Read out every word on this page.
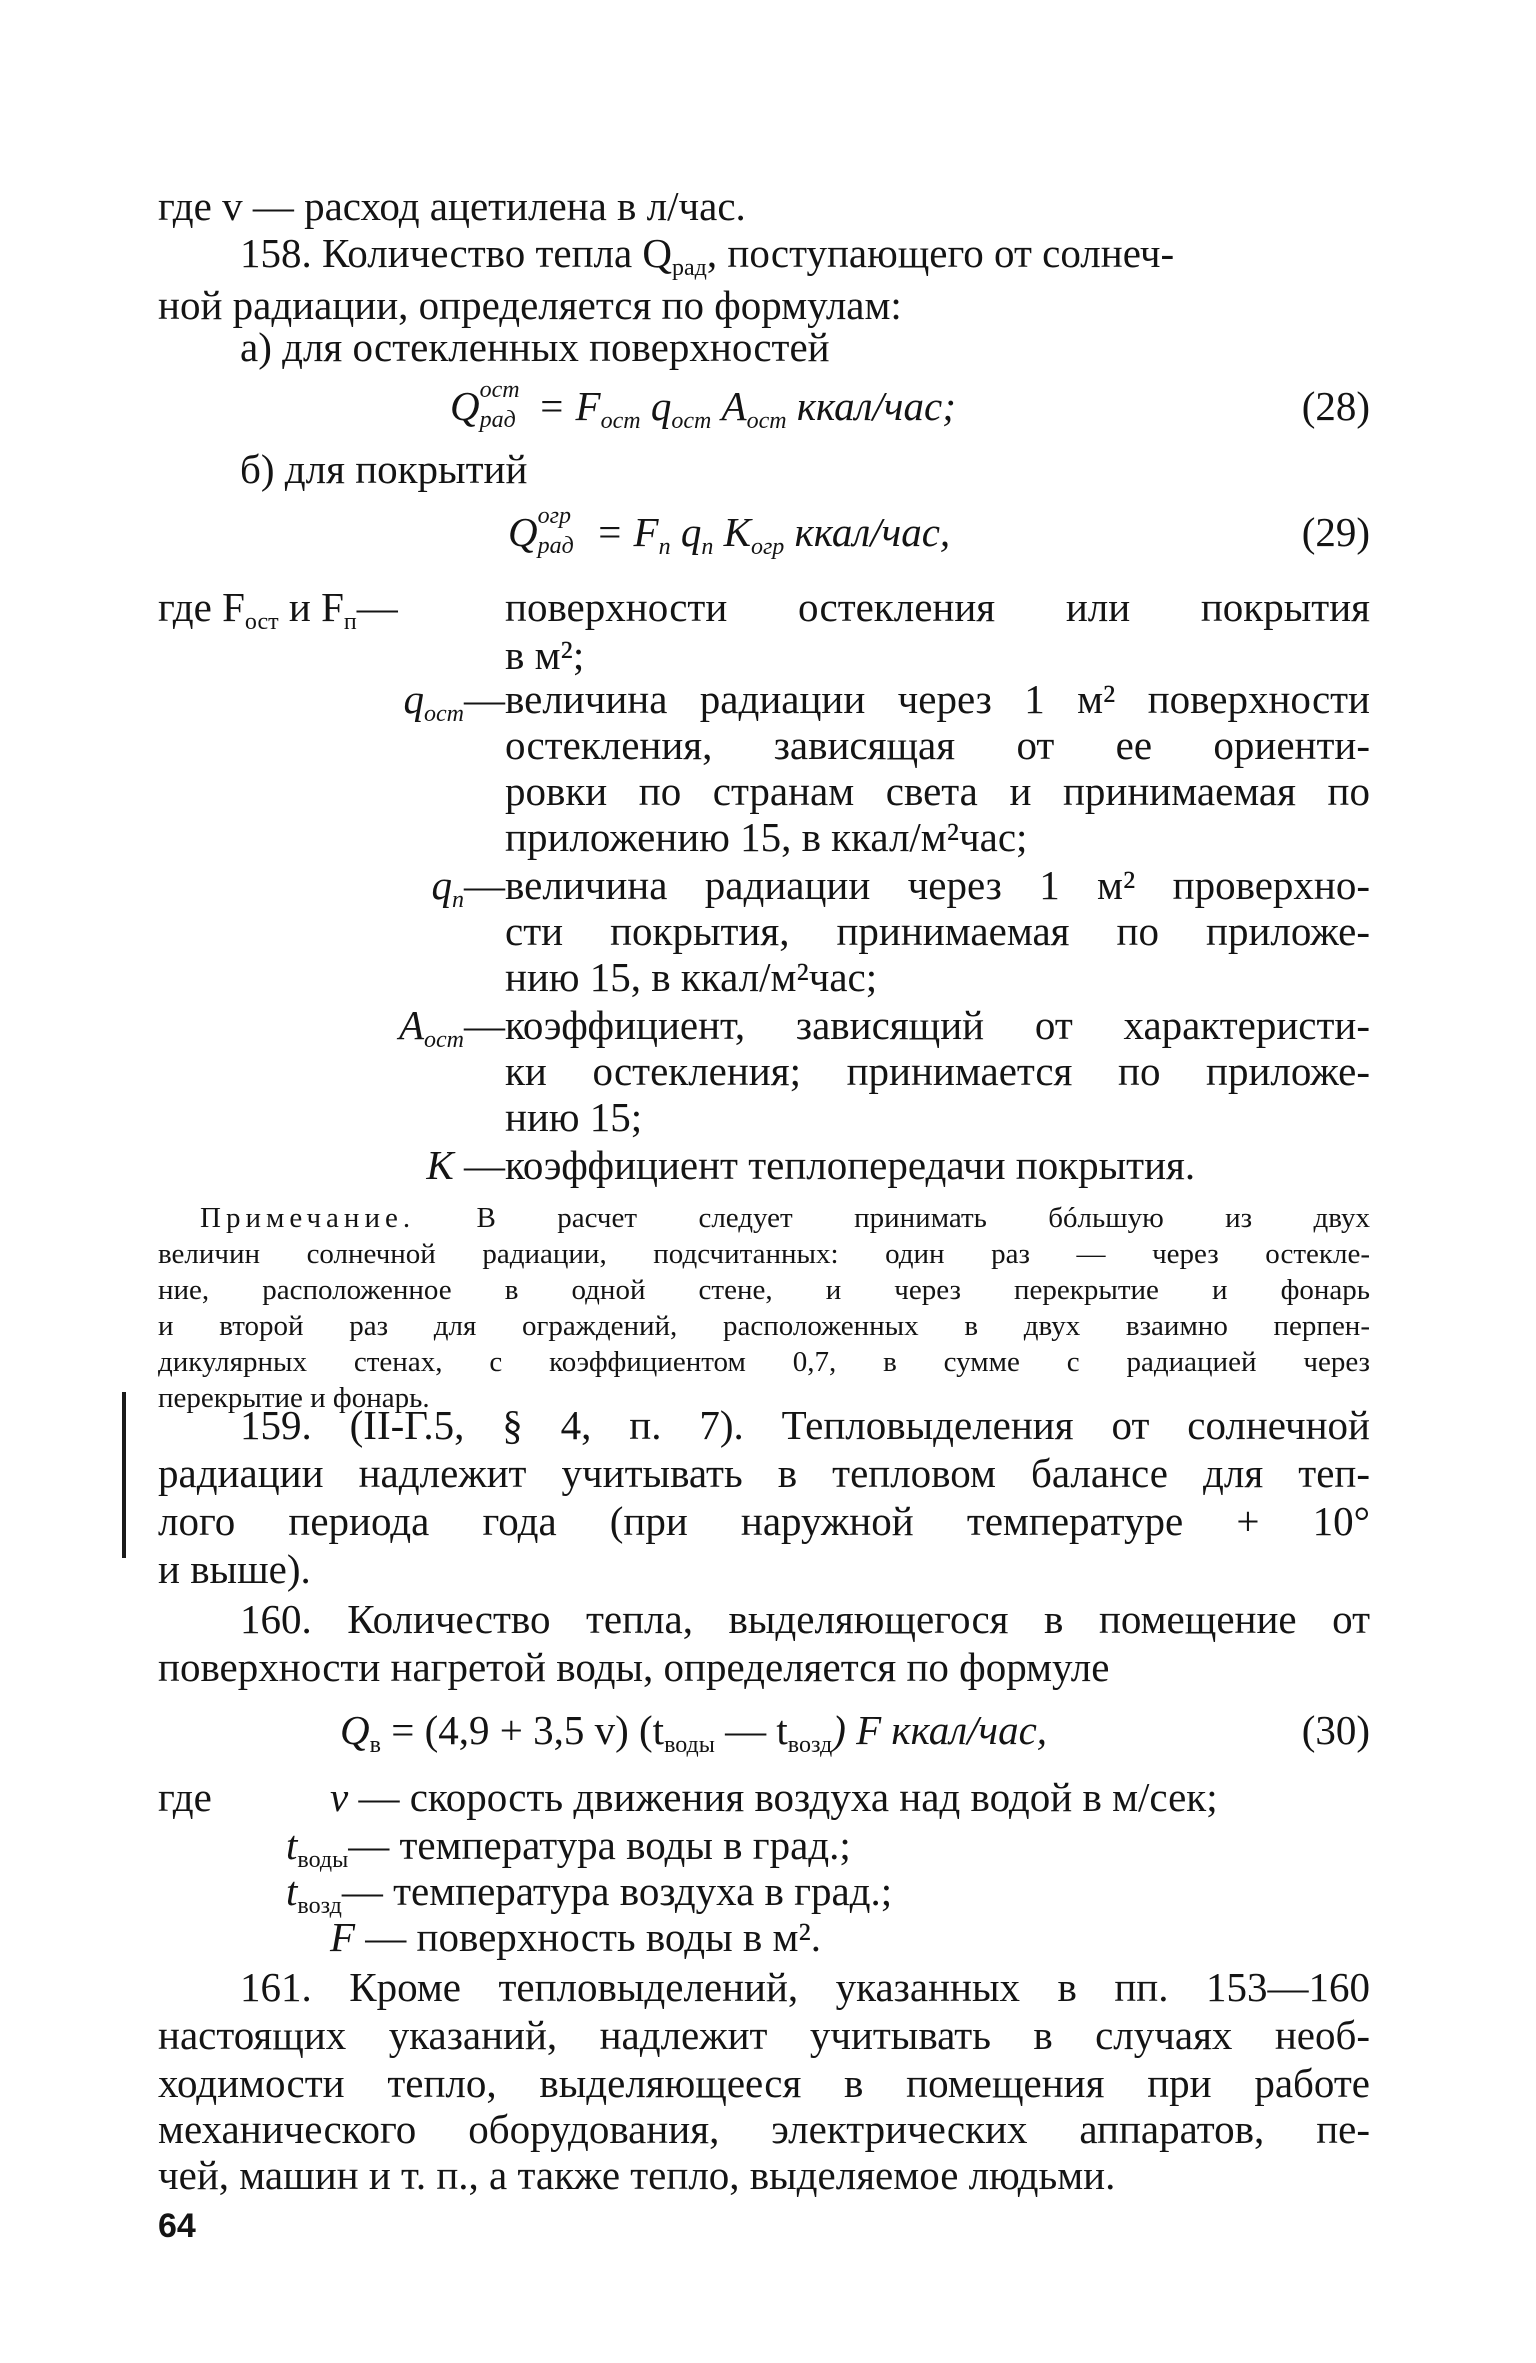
где v — расход ацетилена в л/час.
158. Количество тепла $Q_{рад}$, поступающего от солнеч-
ной радиации, определяется по формулам:
а) для остекленных поверхностей
Q ост
рад = $F_{ост}$ $q_{ост}$ $A_{ост}$ ккал/час;	(28)
б) для покрытий
Q огр
рад = $F_п$ $q_п$ $K_{огр}$ ккал/час,	(29)
где $F_{ост}$ и $F_п—$	поверхности остекления или покрытия
в м²;
$q_{ост}—$ величина радиации через 1 м² поверхности
остекления, зависящая от ее ориенти-
ровки по странам света и принимаемая по
приложению 15, в ккал/м²час;
$q_п—$ величина радиации через 1 м² проверхно-
сти покрытия, принимаемая по приложе-
нию 15, в ккал/м²час;
$A_{ост}—$ коэффициент, зависящий от характеристи-
ки остекления; принимается по приложе-
нию 15;
K — коэффициент теплопередачи покрытия.
Примечание. В расчет следует принимать бóльшую из двух
величин солнечной радиации, подсчитанных: один раз — через остекле-
ние, расположенное в одной стене, и через перекрытие и фонарь
и второй раз для ограждений, расположенных в двух взаимно перпен-
дикулярных стенах, с коэффициентом 0,7, в сумме с радиацией через
перекрытие и фонарь.
159. (II-Г.5, § 4, п. 7). Тепловыделения от солнечной
радиации надлежит учитывать в тепловом балансе для теп-
лого периода года (при наружной температуре + 10°
и выше).
160. Количество тепла, выделяющегося в помещение от
поверхности нагретой воды, определяется по формуле
$Q_в = (4,9 + 3,5$ v) ($t_{воды}$ — $t_{возд}$) F ккал/час,	(30)
где	v — скорость движения воздуха над водой в м/сек;
$t_{воды}—$ температура воды в град.;
$t_{возд}—$ температура воздуха в град.;
F — поверхность воды в м².
161. Кроме тепловыделений, указанных в пп. 153—160
настоящих указаний, надлежит учитывать в случаях необ-
ходимости тепло, выделяющееся в помещения при работе
механического оборудования, электрических аппаратов, пе-
чей, машин и т. п., а также тепло, выделяемое людьми.
64
